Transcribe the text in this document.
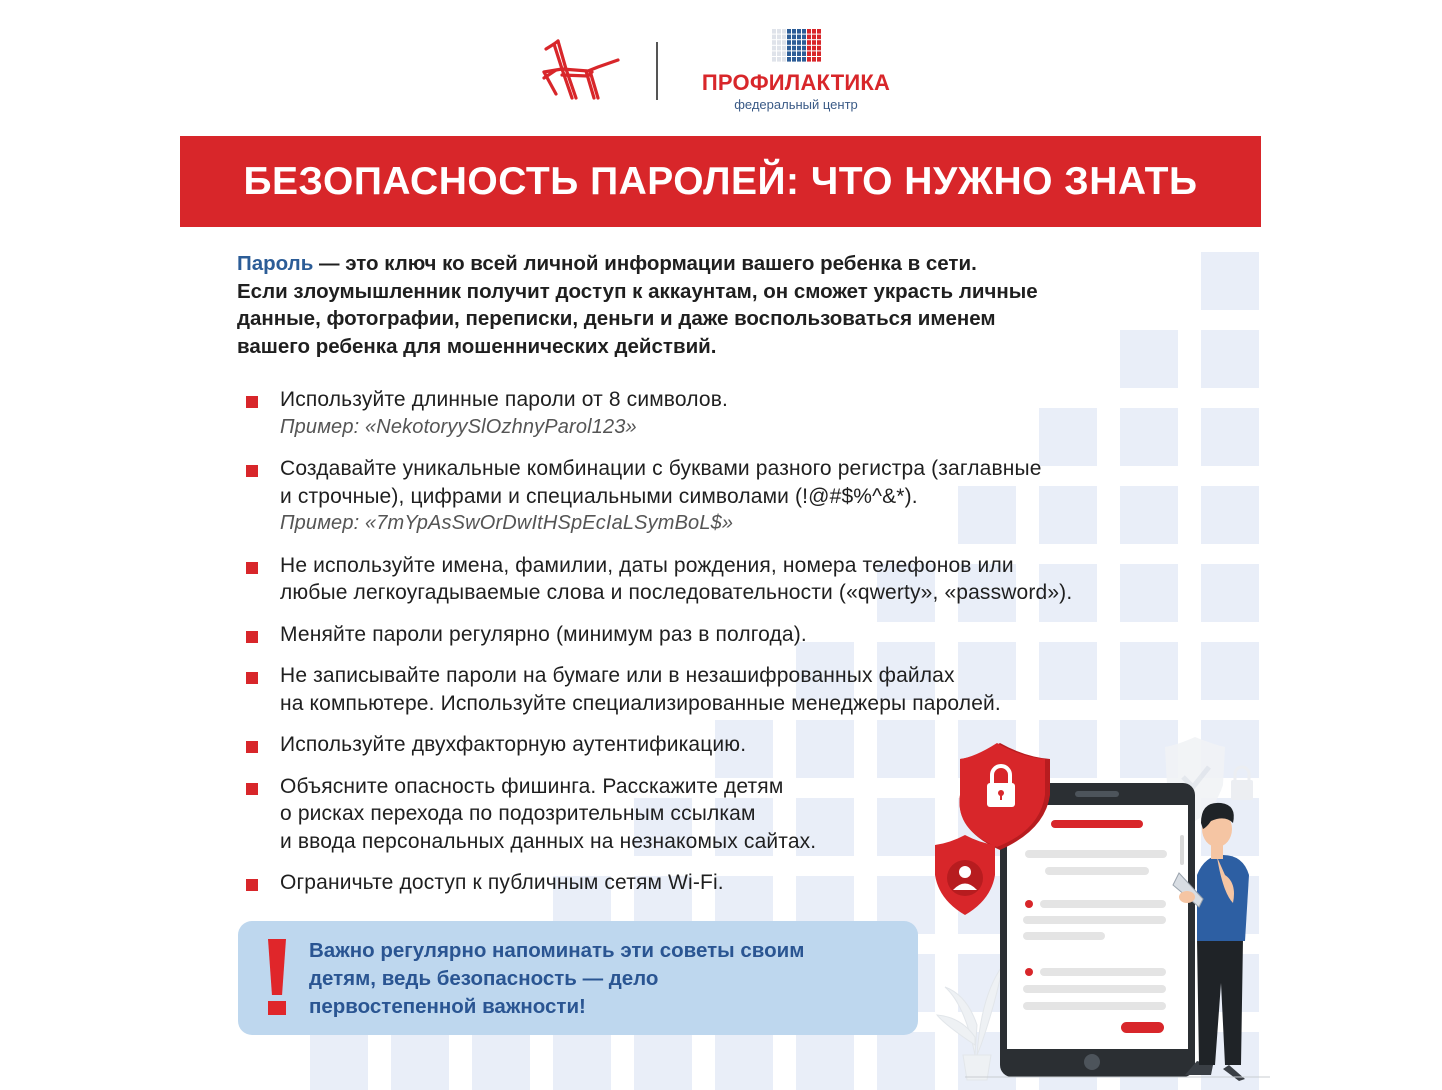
ПРОФИЛАКТИКА
федеральный центр
БЕЗОПАСНОСТЬ ПАРОЛЕЙ: ЧТО НУЖНО ЗНАТЬ
Пароль — это ключ ко всей личной информации вашего ребенка в сети.
Если злоумышленник получит доступ к аккаунтам, он сможет украсть личные
данные, фотографии, переписки, деньги и даже воспользоваться именем
вашего ребенка для мошеннических действий.
Используйте длинные пароли от 8 символов.
Пример: «NekotoryySlOzhnyParol123»
Создавайте уникальные комбинации с буквами разного регистра (заглавные
и строчные), цифрами и специальными символами (!@#$%^&*).
Пример: «7mYpAsSwOrDwItHSpEcIaLSymBoL$»
Не используйте имена, фамилии, даты рождения, номера телефонов или
любые легкоугадываемые слова и последовательности («qwerty», «password»).
Меняйте пароли регулярно (минимум раз в полгода).
Не записывайте пароли на бумаге или в незашифрованных файлах
на компьютере. Используйте специализированные менеджеры паролей.
Используйте двухфакторную аутентификацию.
Объясните опасность фишинга. Расскажите детям
о рисках перехода по подозрительным ссылкам
и ввода персональных данных на незнакомых сайтах.
Ограничьте доступ к публичным сетям Wi-Fi.
Важно регулярно напоминать эти советы своим
детям, ведь безопасность — дело
первостепенной важности!
